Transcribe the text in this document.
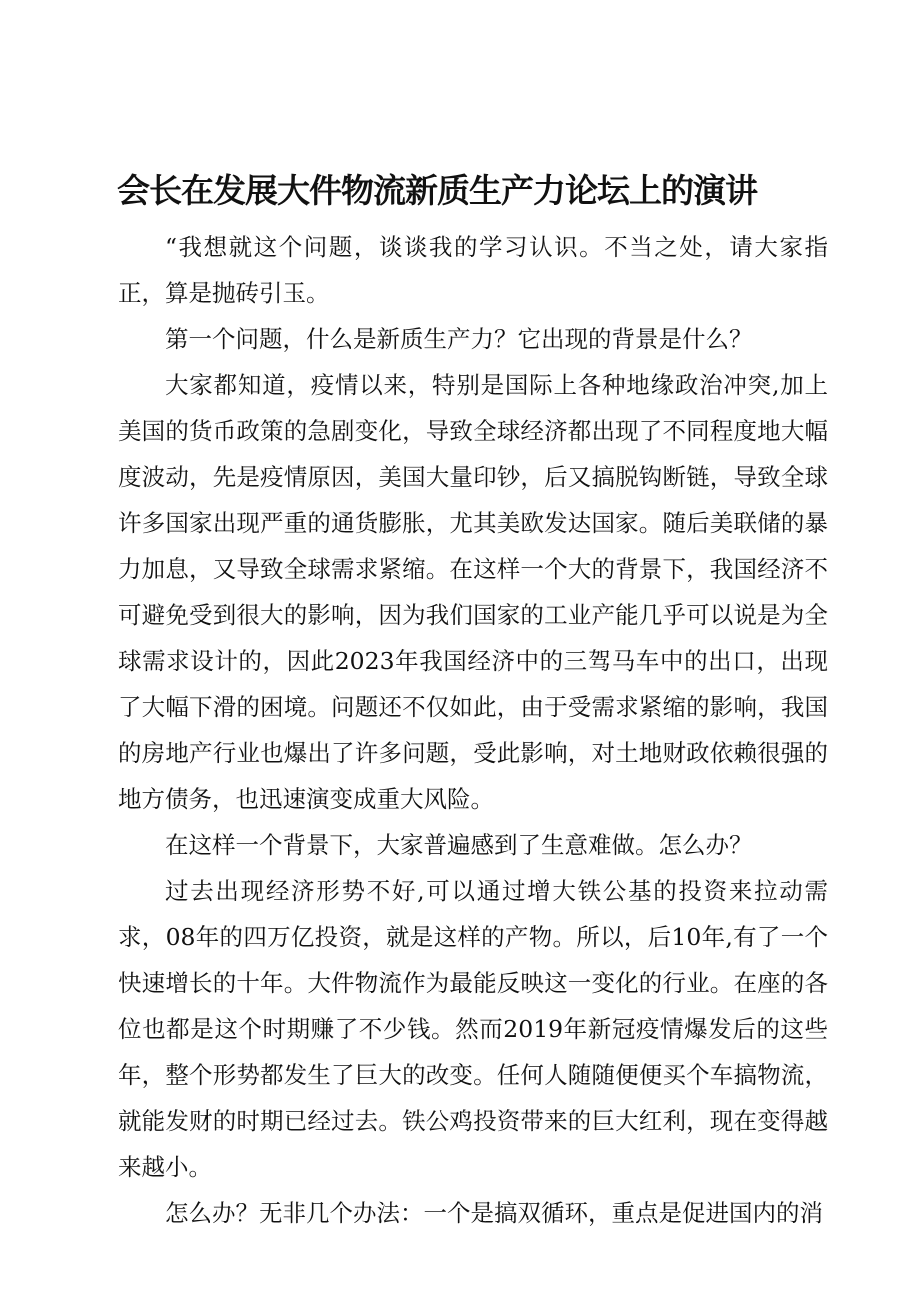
会长在发展大件物流新质生产力论坛上的演讲

“我想就这个问题，谈谈我的学习认识。不当之处，请大家指正，算是抛砖引玉。

第一个问题，什么是新质生产力？它出现的背景是什么？

大家都知道，疫情以来，特别是国际上各种地缘政治冲突,加上美国的货币政策的急剧变化，导致全球经济都出现了不同程度地大幅度波动，先是疫情原因，美国大量印钞，后又搞脱钩断链，导致全球许多国家出现严重的通货膨胀，尤其美欧发达国家。随后美联储的暴力加息，又导致全球需求紧缩。在这样一个大的背景下，我国经济不可避免受到很大的影响，因为我们国家的工业产能几乎可以说是为全球需求设计的，因此2023年我国经济中的三驾马车中的出口，出现了大幅下滑的困境。问题还不仅如此，由于受需求紧缩的影响，我国的房地产行业也爆出了许多问题，受此影响，对土地财政依赖很强的地方债务，也迅速演变成重大风险。

在这样一个背景下，大家普遍感到了生意难做。怎么办？

过去出现经济形势不好,可以通过增大铁公基的投资来拉动需求，08年的四万亿投资，就是这样的产物。所以，后10年,有了一个快速增长的十年。大件物流作为最能反映这一变化的行业。在座的各位也都是这个时期赚了不少钱。然而2019年新冠疫情爆发后的这些年，整个形势都发生了巨大的改变。任何人随随便便买个车搞物流，就能发财的时期已经过去。铁公鸡投资带来的巨大红利，现在变得越来越小。

怎么办？无非几个办法：一个是搞双循环，重点是促进国内的消
